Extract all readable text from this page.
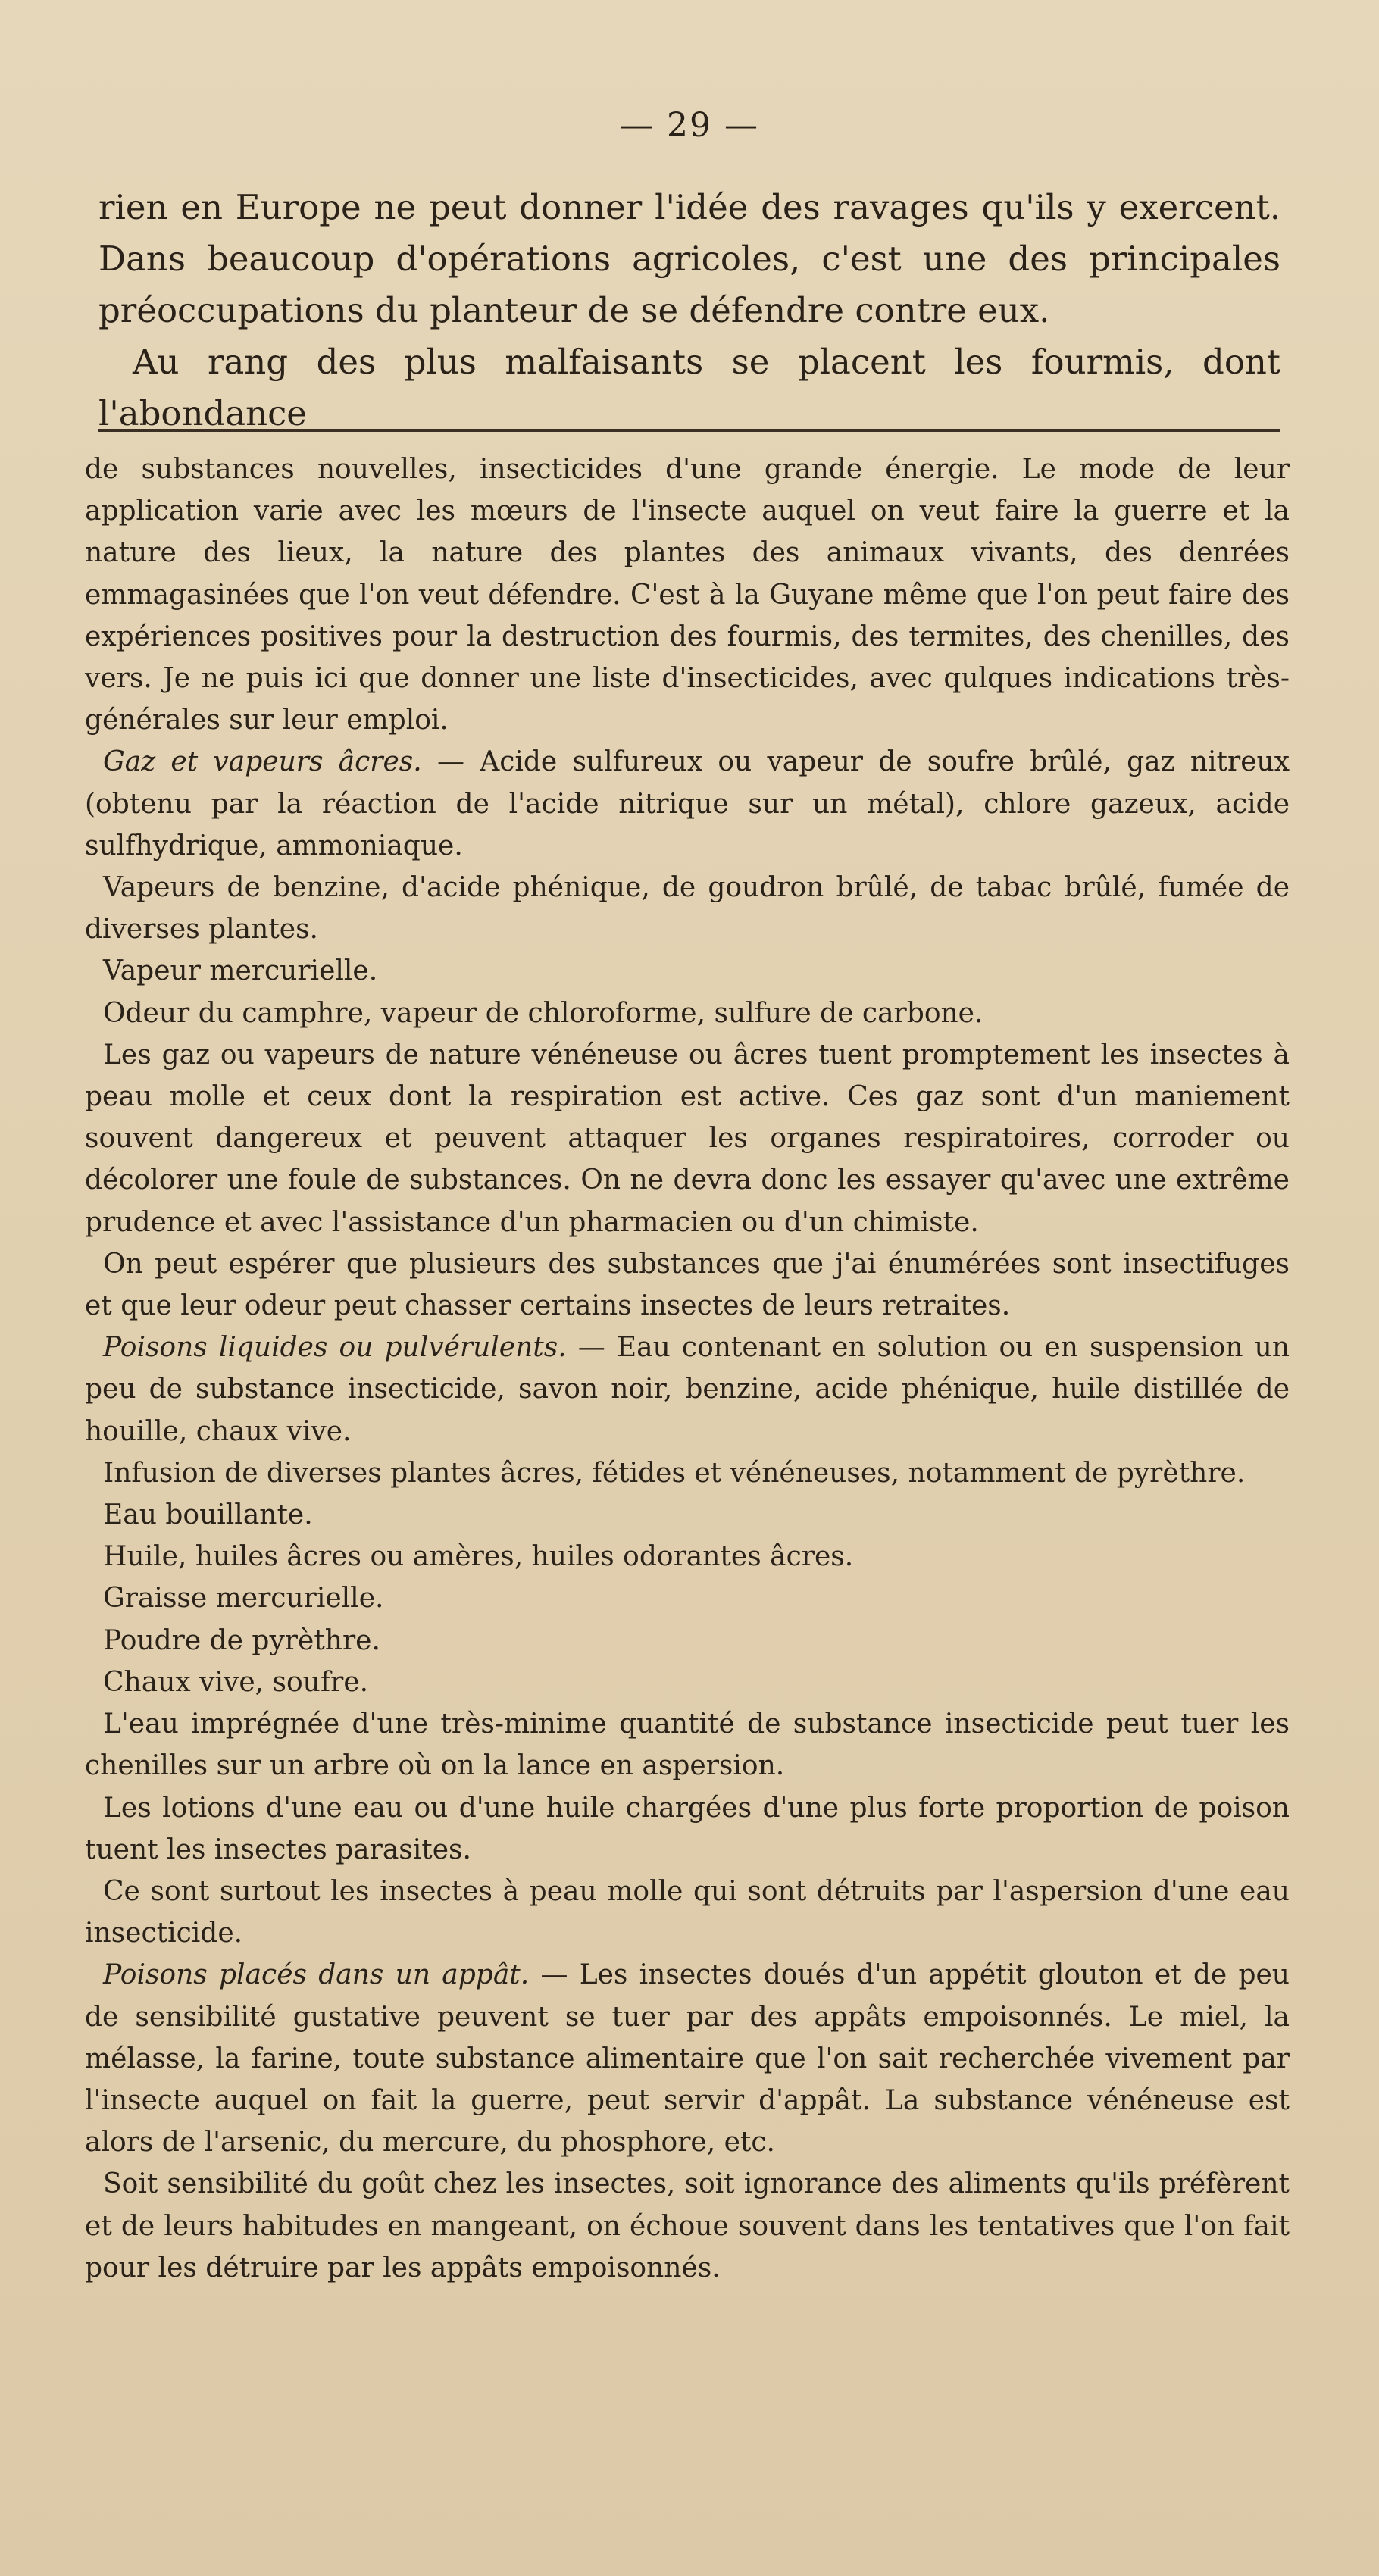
— 29 —

rien en Europe ne peut donner l'idée des ravages qu'ils y exercent. Dans beaucoup d'opérations agricoles, c'est une des principales préoccupations du planteur de se défendre contre eux.

 Au rang des plus malfaisants se placent les fourmis, dont l'abondance

de substances nouvelles, insecticides d'une grande énergie. Le mode de leur application varie avec les mœurs de l'insecte auquel on veut faire la guerre et la nature des lieux, la nature des plantes des animaux vivants, des denrées emmagasinées que l'on veut défendre. C'est à la Guyane même que l'on peut faire des expériences positives pour la destruction des fourmis, des termites, des chenilles, des vers. Je ne puis ici que donner une liste d'insecticides, avec qulques indications très-générales sur leur emploi.

Gaz et vapeurs âcres. — Acide sulfureux ou vapeur de soufre brûlé, gaz nitreux (obtenu par la réaction de l'acide nitrique sur un métal), chlore gazeux, acide sulfhydrique, ammoniaque.

Vapeurs de benzine, d'acide phénique, de goudron brûlé, de tabac brûlé, fumée de diverses plantes.

Vapeur mercurielle.

Odeur du camphre, vapeur de chloroforme, sulfure de carbone.

Les gaz ou vapeurs de nature vénéneuse ou âcres tuent promptement les insectes à peau molle et ceux dont la respiration est active. Ces gaz sont d'un maniement souvent dangereux et peuvent attaquer les organes respiratoires, corroder ou décolorer une foule de substances. On ne devra donc les essayer qu'avec une extrême prudence et avec l'assistance d'un pharmacien ou d'un chimiste.

On peut espérer que plusieurs des substances que j'ai énumérées sont insectifuges et que leur odeur peut chasser certains insectes de leurs retraites.

Poisons liquides ou pulvérulents. — Eau contenant en solution ou en suspension un peu de substance insecticide, savon noir, benzine, acide phénique, huile distillée de houille, chaux vive.

Infusion de diverses plantes âcres, fétides et vénéneuses, notamment de pyrèthre.

Eau bouillante.

Huile, huiles âcres ou amères, huiles odorantes âcres.

Graisse mercurielle.

Poudre de pyrèthre.

Chaux vive, soufre.

L'eau imprégnée d'une très-minime quantité de substance insecticide peut tuer les chenilles sur un arbre où on la lance en aspersion.

Les lotions d'une eau ou d'une huile chargées d'une plus forte proportion de poison tuent les insectes parasites.

Ce sont surtout les insectes à peau molle qui sont détruits par l'aspersion d'une eau insecticide.

Poisons placés dans un appât. — Les insectes doués d'un appétit glouton et de peu de sensibilité gustative peuvent se tuer par des appâts empoisonnés. Le miel, la mélasse, la farine, toute substance alimentaire que l'on sait recherchée vivement par l'insecte auquel on fait la guerre, peut servir d'appât. La substance vénéneuse est alors de l'arsenic, du mercure, du phosphore, etc.

Soit sensibilité du goût chez les insectes, soit ignorance des aliments qu'ils préfèrent et de leurs habitudes en mangeant, on échoue souvent dans les tentatives que l'on fait pour les détruire par les appâts empoisonnés.
